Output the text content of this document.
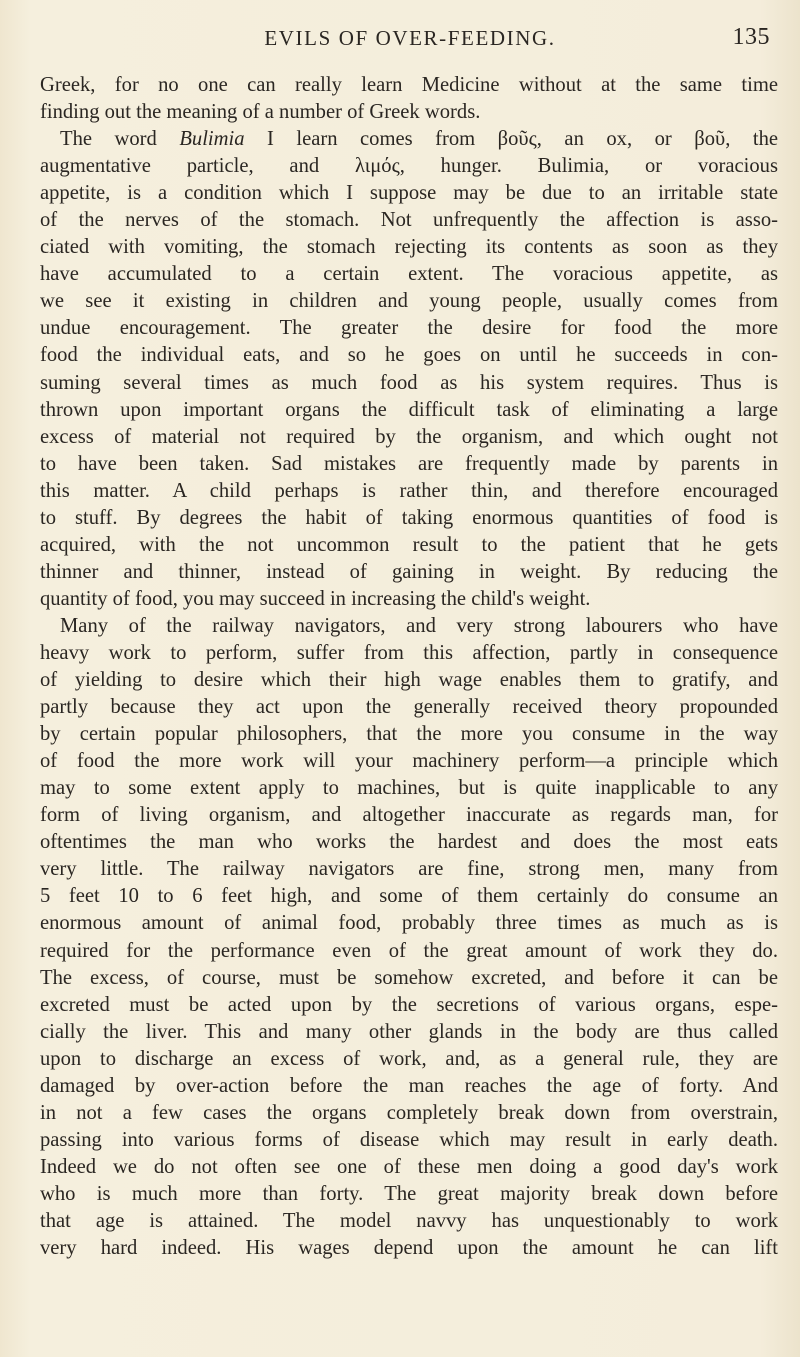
EVILS OF OVER-FEEDING.	135
Greek, for no one can really learn Medicine without at the same time
finding out the meaning of a number of Greek words.
The word Bulimia I learn comes from βοῦς, an ox, or βοῦ, the
augmentative particle, and λιμός, hunger. Bulimia, or voracious
appetite, is a condition which I suppose may be due to an irritable state
of the nerves of the stomach. Not unfrequently the affection is asso-
ciated with vomiting, the stomach rejecting its contents as soon as they
have accumulated to a certain extent. The voracious appetite, as
we see it existing in children and young people, usually comes from
undue encouragement. The greater the desire for food the more
food the individual eats, and so he goes on until he succeeds in con-
suming several times as much food as his system requires. Thus is
thrown upon important organs the difficult task of eliminating a large
excess of material not required by the organism, and which ought not
to have been taken. Sad mistakes are frequently made by parents in
this matter. A child perhaps is rather thin, and therefore encouraged
to stuff. By degrees the habit of taking enormous quantities of food is
acquired, with the not uncommon result to the patient that he gets
thinner and thinner, instead of gaining in weight. By reducing the
quantity of food, you may succeed in increasing the child's weight.
Many of the railway navigators, and very strong labourers who have
heavy work to perform, suffer from this affection, partly in consequence
of yielding to desire which their high wage enables them to gratify, and
partly because they act upon the generally received theory propounded
by certain popular philosophers, that the more you consume in the way
of food the more work will your machinery perform—a principle which
may to some extent apply to machines, but is quite inapplicable to any
form of living organism, and altogether inaccurate as regards man, for
oftentimes the man who works the hardest and does the most eats
very little. The railway navigators are fine, strong men, many from
5 feet 10 to 6 feet high, and some of them certainly do consume an
enormous amount of animal food, probably three times as much as is
required for the performance even of the great amount of work they do.
The excess, of course, must be somehow excreted, and before it can be
excreted must be acted upon by the secretions of various organs, espe-
cially the liver. This and many other glands in the body are thus called
upon to discharge an excess of work, and, as a general rule, they are
damaged by over-action before the man reaches the age of forty. And
in not a few cases the organs completely break down from overstrain,
passing into various forms of disease which may result in early death.
Indeed we do not often see one of these men doing a good day's work
who is much more than forty. The great majority break down before
that age is attained. The model navvy has unquestionably to work
very hard indeed. His wages depend upon the amount he can lift
